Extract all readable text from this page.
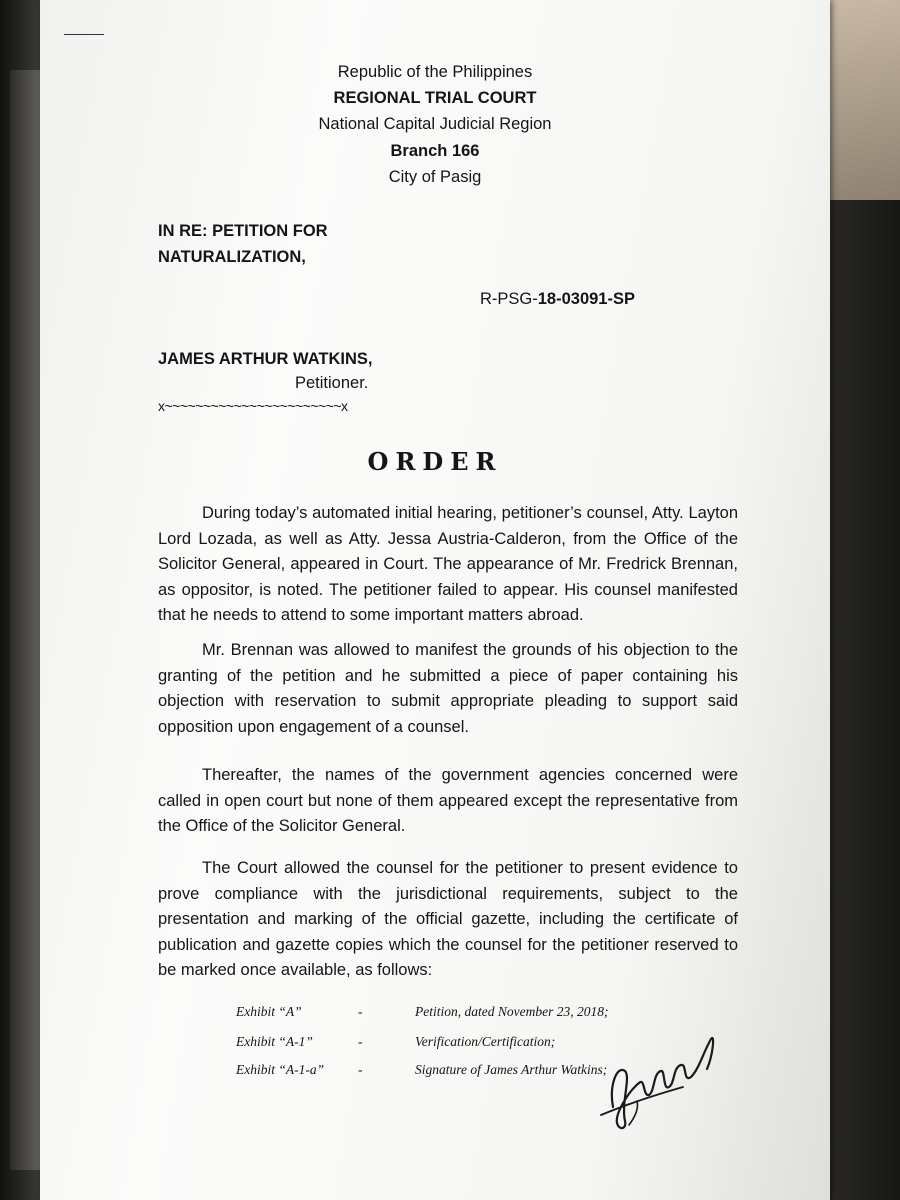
Republic of the Philippines
REGIONAL TRIAL COURT
National Capital Judicial Region
Branch 166
City of Pasig
IN RE: PETITION FOR
NATURALIZATION,
R-PSG-18-03091-SP
JAMES ARTHUR WATKINS,
Petitioner.
x~~~~~~~~~~~~~~~~~~~~~~~x
ORDER
During today’s automated initial hearing, petitioner’s counsel, Atty. Layton Lord Lozada, as well as Atty. Jessa Austria-Calderon, from the Office of the Solicitor General, appeared in Court. The appearance of Mr. Fredrick Brennan, as oppositor, is noted. The petitioner failed to appear. His counsel manifested that he needs to attend to some important matters abroad.
Mr. Brennan was allowed to manifest the grounds of his objection to the granting of the petition and he submitted a piece of paper containing his objection with reservation to submit appropriate pleading to support said opposition upon engagement of a counsel.
Thereafter, the names of the government agencies concerned were called in open court but none of them appeared except the representative from the Office of the Solicitor General.
The Court allowed the counsel for the petitioner to present evidence to prove compliance with the jurisdictional requirements, subject to the presentation and marking of the official gazette, including the certificate of publication and gazette copies which the counsel for the petitioner reserved to be marked once available, as follows:
Exhibit “A”	-	Petition, dated November 23, 2018;
Exhibit “A-1”	-	Verification/Certification;
Exhibit “A-1-a”	-	Signature of James Arthur Watkins;
